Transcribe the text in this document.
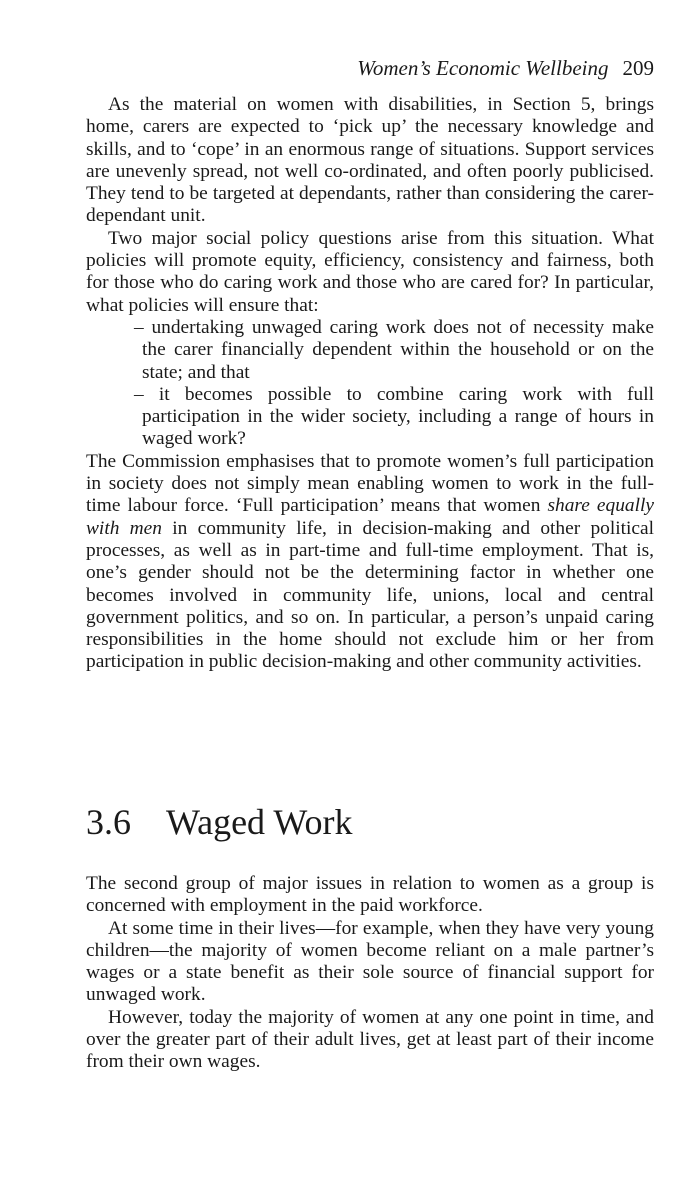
Women’s Economic Wellbeing 209

As the material on women with disabilities, in Section 5, brings home, carers are expected to ‘pick up’ the necessary knowledge and skills, and to ‘cope’ in an enormous range of situations. Support services are unevenly spread, not well co-ordinated, and often poorly publicised. They tend to be targeted at dependants, rather than considering the carer-dependant unit.

Two major social policy questions arise from this situation. What policies will promote equity, efficiency, consistency and fairness, both for those who do caring work and those who are cared for? In particular, what policies will ensure that:

– undertaking unwaged caring work does not of necessity make the carer financially dependent within the household or on the state; and that
– it becomes possible to combine caring work with full participation in the wider society, including a range of hours in waged work?

The Commission emphasises that to promote women’s full participation in society does not simply mean enabling women to work in the full-time labour force. ‘Full participation’ means that women share equally with men in community life, in decision-making and other political processes, as well as in part-time and full-time employment. That is, one’s gender should not be the determining factor in whether one becomes involved in community life, unions, local and central government politics, and so on. In particular, a person’s unpaid caring responsibilities in the home should not exclude him or her from participation in public decision-making and other community activities.

3.6 Waged Work

The second group of major issues in relation to women as a group is concerned with employment in the paid workforce.

At some time in their lives—for example, when they have very young children—the majority of women become reliant on a male partner’s wages or a state benefit as their sole source of financial support for unwaged work.

However, today the majority of women at any one point in time, and over the greater part of their adult lives, get at least part of their income from their own wages.
